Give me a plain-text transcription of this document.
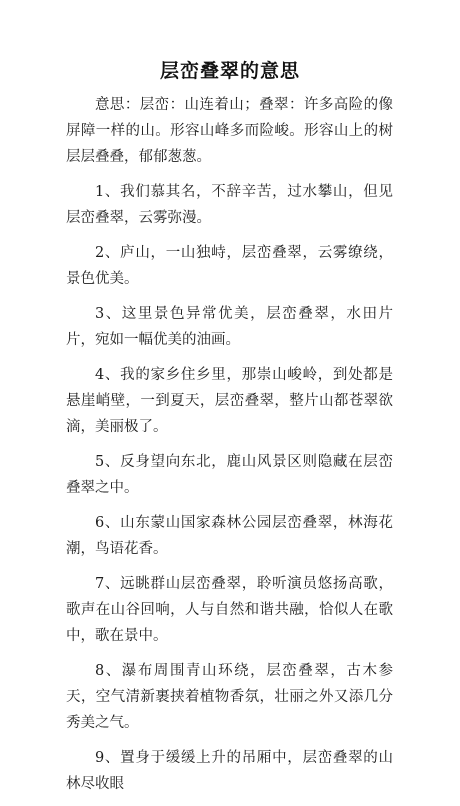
层峦叠翠的意思

意思：层峦：山连着山；叠翠：许多高险的像屏障一样的山。形容山峰多而险峻。形容山上的树层层叠叠，郁郁葱葱。

1、我们慕其名，不辞辛苦，过水攀山，但见层峦叠翠，云雾弥漫。

2、庐山，一山独峙，层峦叠翠，云雾缭绕，景色优美。

3、这里景色异常优美，层峦叠翠，水田片片，宛如一幅优美的油画。

4、我的家乡住乡里，那崇山峻岭，到处都是悬崖峭壁，一到夏天，层峦叠翠，整片山都苍翠欲滴，美丽极了。

5、反身望向东北，鹿山风景区则隐藏在层峦叠翠之中。

6、山东蒙山国家森林公园层峦叠翠，林海花潮，鸟语花香。

7、远眺群山层峦叠翠，聆听演员悠扬高歌，歌声在山谷回响，人与自然和谐共融，恰似人在歌中，歌在景中。

8、瀑布周围青山环绕，层峦叠翠，古木参天，空气清新裹挟着植物香氛，壮丽之外又添几分秀美之气。

9、置身于缓缓上升的吊厢中，层峦叠翠的山林尽收眼
